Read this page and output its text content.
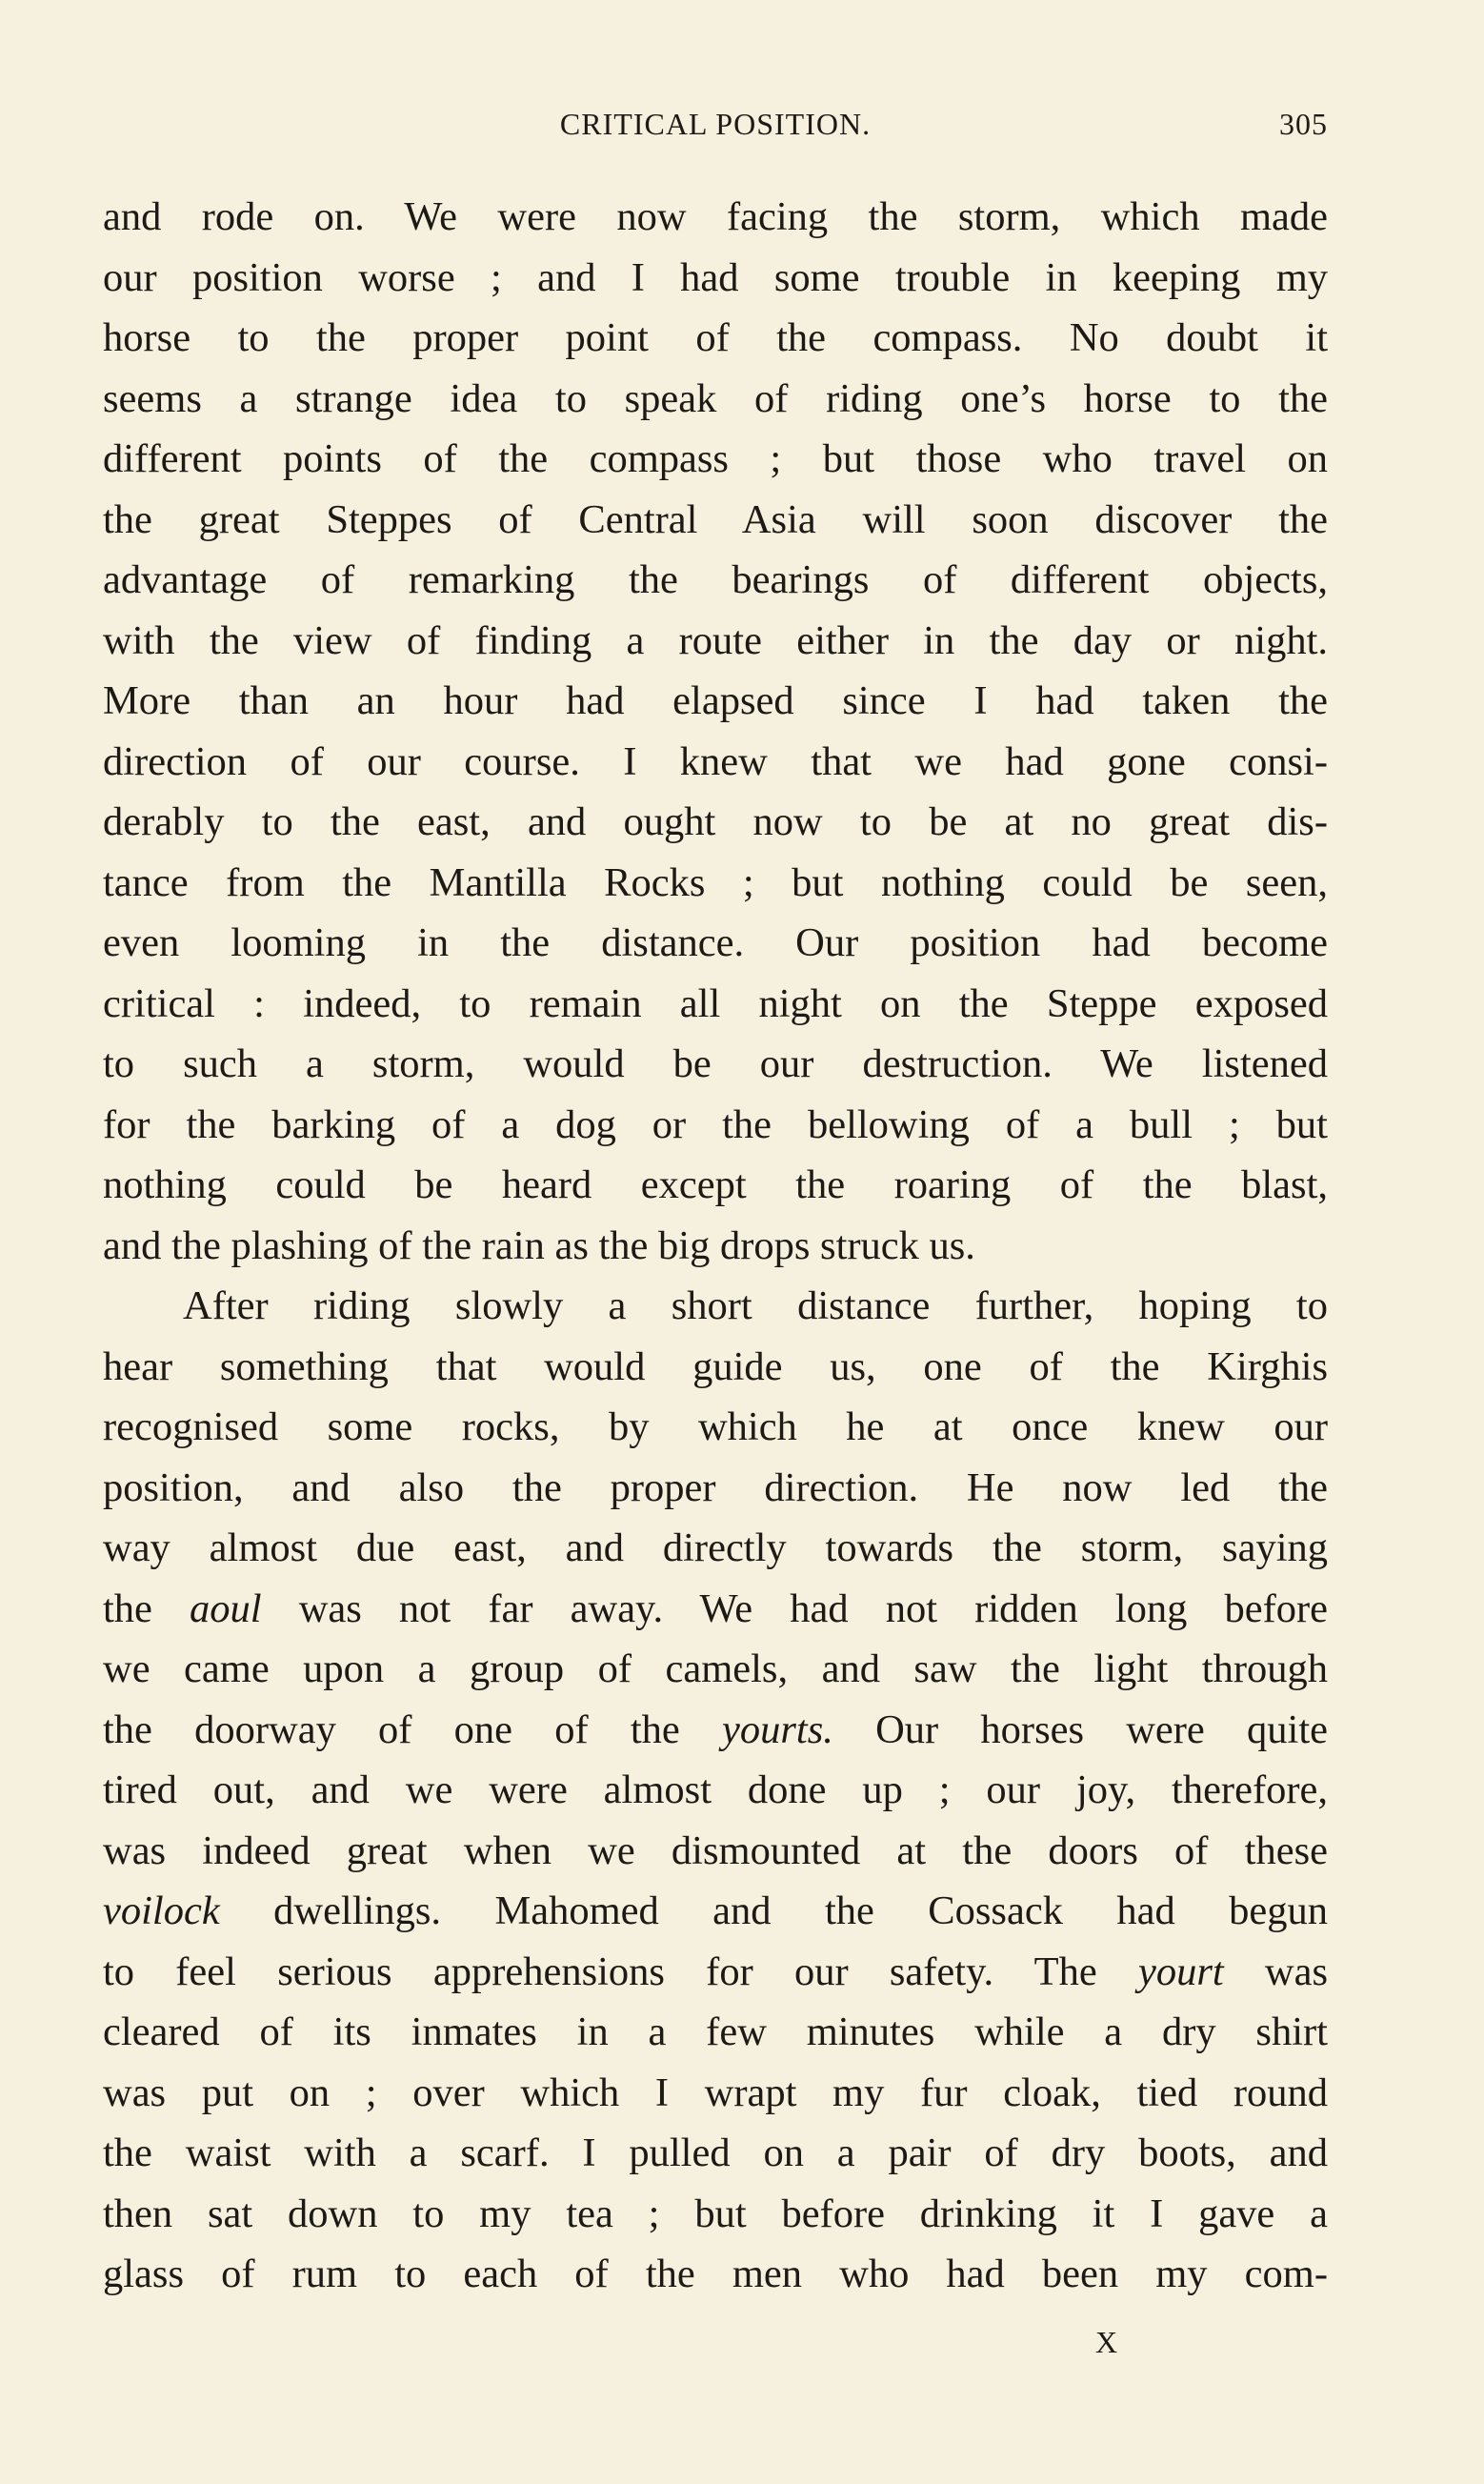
CRITICAL POSITION.	305
and rode on. We were now facing the storm, which made
our position worse ; and I had some trouble in keeping my
horse to the proper point of the compass. No doubt it
seems a strange idea to speak of riding one’s horse to the
different points of the compass ; but those who travel on
the great Steppes of Central Asia will soon discover the
advantage of remarking the bearings of different objects,
with the view of finding a route either in the day or night.
More than an hour had elapsed since I had taken the
direction of our course. I knew that we had gone consi-
derably to the east, and ought now to be at no great dis-
tance from the Mantilla Rocks ; but nothing could be seen,
even looming in the distance. Our position had become
critical : indeed, to remain all night on the Steppe exposed
to such a storm, would be our destruction. We listened
for the barking of a dog or the bellowing of a bull ; but
nothing could be heard except the roaring of the blast,
and the plashing of the rain as the big drops struck us.
After riding slowly a short distance further, hoping to
hear something that would guide us, one of the Kirghis
recognised some rocks, by which he at once knew our
position, and also the proper direction. He now led the
way almost due east, and directly towards the storm, saying
the aoul was not far away. We had not ridden long before
we came upon a group of camels, and saw the light through
the doorway of one of the yourts. Our horses were quite
tired out, and we were almost done up ; our joy, therefore,
was indeed great when we dismounted at the doors of these
voilock dwellings. Mahomed and the Cossack had begun
to feel serious apprehensions for our safety. The yourt was
cleared of its inmates in a few minutes while a dry shirt
was put on ; over which I wrapt my fur cloak, tied round
the waist with a scarf. I pulled on a pair of dry boots, and
then sat down to my tea ; but before drinking it I gave a
glass of rum to each of the men who had been my com-
X
